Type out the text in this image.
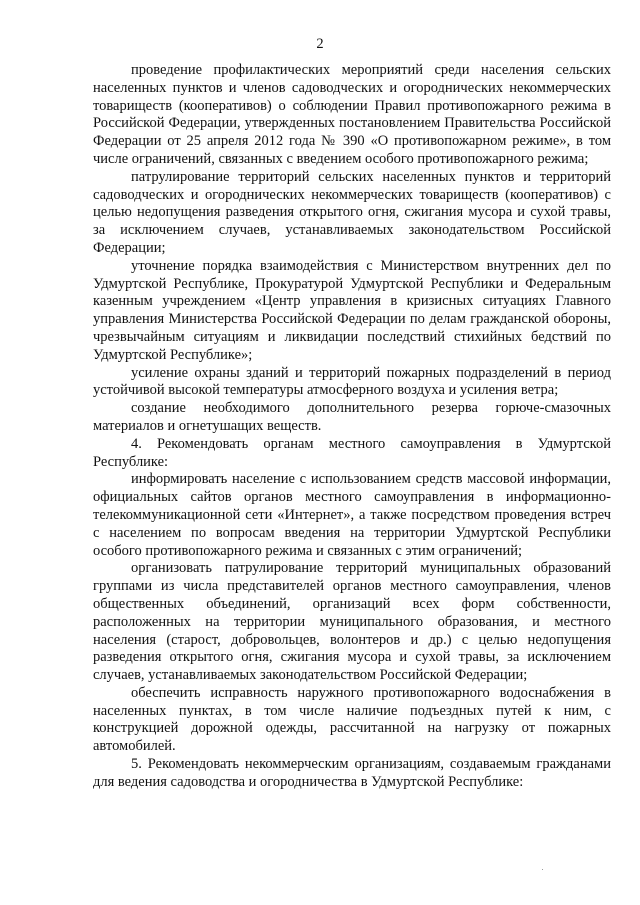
2

проведение профилактических мероприятий среди населения сельских населенных пунктов и членов садоводческих и огороднических некоммерческих товариществ (кооперативов) о соблюдении Правил противопожарного режима в Российской Федерации, утвержденных постановлением Правительства Российской Федерации от 25 апреля 2012 года № 390 «О противопожарном режиме», в том числе ограничений, связанных с введением особого противопожарного режима;

патрулирование территорий сельских населенных пунктов и территорий садоводческих и огороднических некоммерческих товариществ (кооперативов) с целью недопущения разведения открытого огня, сжигания мусора и сухой травы, за исключением случаев, устанавливаемых законодательством Российской Федерации;

уточнение порядка взаимодействия с Министерством внутренних дел по Удмуртской Республике, Прокуратурой Удмуртской Республики и Федеральным казенным учреждением «Центр управления в кризисных ситуациях Главного управления Министерства Российской Федерации по делам гражданской обороны, чрезвычайным ситуациям и ликвидации последствий стихийных бедствий по Удмуртской Республике»;

усиление охраны зданий и территорий пожарных подразделений в период устойчивой высокой температуры атмосферного воздуха и усиления ветра;

создание необходимого дополнительного резерва горюче-смазочных материалов и огнетушащих веществ.

4. Рекомендовать органам местного самоуправления в Удмуртской Республике:

информировать население с использованием средств массовой информации, официальных сайтов органов местного самоуправления в информационно-телекоммуникационной сети «Интернет», а также посредством проведения встреч с населением по вопросам введения на территории Удмуртской Республики особого противопожарного режима и связанных с этим ограничений;

организовать патрулирование территорий муниципальных образований группами из числа представителей органов местного самоуправления, членов общественных объединений, организаций всех форм собственности, расположенных на территории муниципального образования, и местного населения (старост, добровольцев, волонтеров и др.) с целью недопущения разведения открытого огня, сжигания мусора и сухой травы, за исключением случаев, устанавливаемых законодательством Российской Федерации;

обеспечить исправность наружного противопожарного водоснабжения в населенных пунктах, в том числе наличие подъездных путей к ним, с конструкцией дорожной одежды, рассчитанной на нагрузку от пожарных автомобилей.

5. Рекомендовать некоммерческим организациям, создаваемым гражданами для ведения садоводства и огородничества в Удмуртской Республике:
